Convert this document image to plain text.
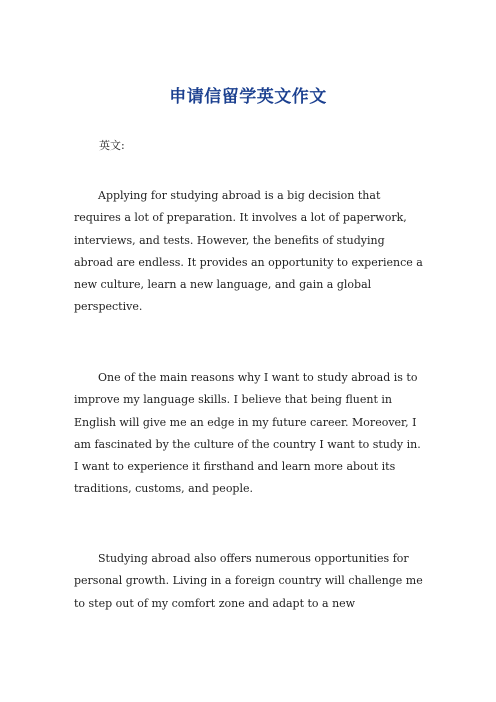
申请信留学英文作文

英文:

Applying for studying abroad is a big decision that requires a lot of preparation. It involves a lot of paperwork, interviews, and tests. However, the benefits of studying abroad are endless. It provides an opportunity to experience a new culture, learn a new language, and gain a global perspective.

One of the main reasons why I want to study abroad is to improve my language skills. I believe that being fluent in English will give me an edge in my future career. Moreover, I am fascinated by the culture of the country I want to study in. I want to experience it firsthand and learn more about its traditions, customs, and people.

Studying abroad also offers numerous opportunities for personal growth. Living in a foreign country will challenge me to step out of my comfort zone and adapt to a new
